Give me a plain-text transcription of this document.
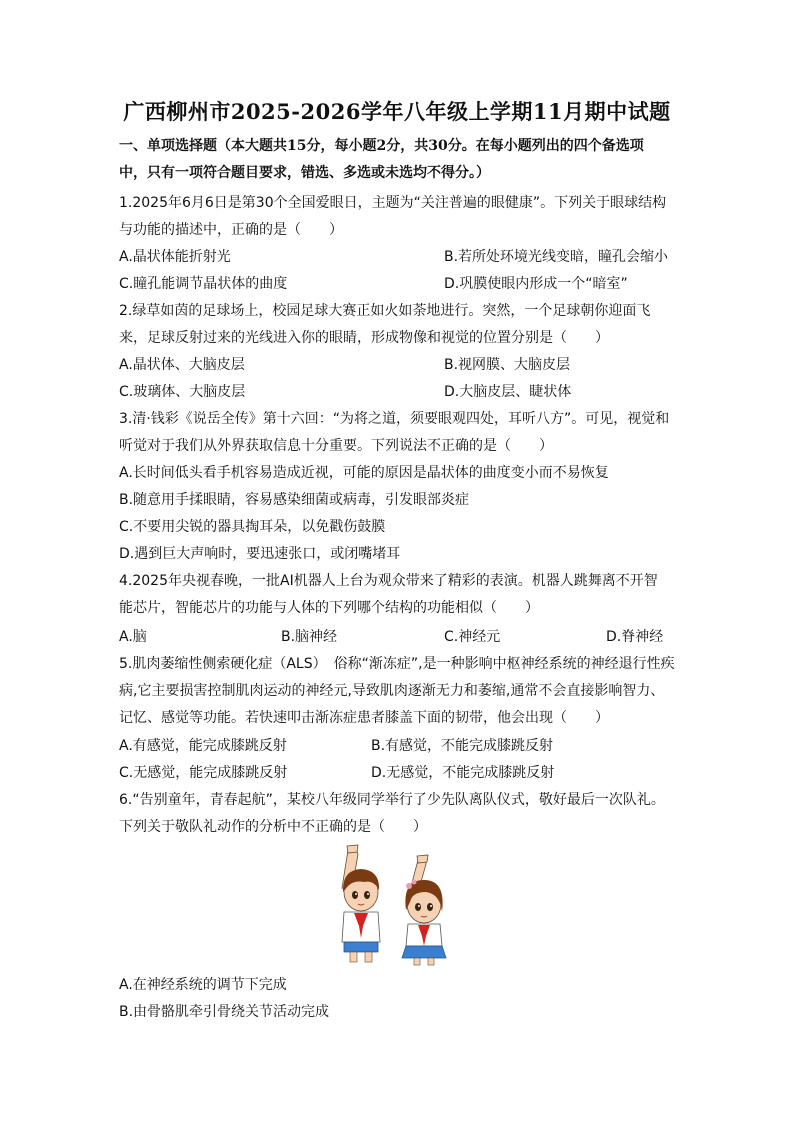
广西柳州市2025-2026学年八年级上学期11月期中试题
一、单项选择题（本大题共15分，每小题2分，共30分。在每小题列出的四个备选项
中，只有一项符合题目要求，错选、多选或未选均不得分。）
1.2025年6月6日是第30个全国爱眼日，主题为“关注普遍的眼健康”。下列关于眼球结构
与功能的描述中，正确的是（　　）
A.晶状体能折射光	B.若所处环境光线变暗，瞳孔会缩小
C.瞳孔能调节晶状体的曲度	D.巩膜使眼内形成一个“暗室”
2.绿草如茵的足球场上，校园足球大赛正如火如荼地进行。突然，一个足球朝你迎面飞
来，足球反射过来的光线进入你的眼睛，形成物像和视觉的位置分别是（　　）
A.晶状体、大脑皮层	B.视网膜、大脑皮层
C.玻璃体、大脑皮层	D.大脑皮层、睫状体
3.清·钱彩《说岳全传》第十六回：“为将之道，须要眼观四处，耳听八方”。可见，视觉和
听觉对于我们从外界获取信息十分重要。下列说法不正确的是（　　）
A.长时间低头看手机容易造成近视，可能的原因是晶状体的曲度变小而不易恢复
B.随意用手揉眼睛，容易感染细菌或病毒，引发眼部炎症
C.不要用尖锐的器具掏耳朵，以免戳伤鼓膜
D.遇到巨大声响时，要迅速张口，或闭嘴堵耳
4.2025年央视春晚，一批AI机器人上台为观众带来了精彩的表演。机器人跳舞离不开智
能芯片，智能芯片的功能与人体的下列哪个结构的功能相似（　　）
A.脑	B.脑神经	C.神经元	D.脊神经
5.肌肉萎缩性侧索硬化症（ALS）　俗称“渐冻症”,是一种影响中枢神经系统的神经退行性疾
病,它主要损害控制肌肉运动的神经元,导致肌肉逐渐无力和萎缩,通常不会直接影响智力、
记忆、感觉等功能。若快速叩击渐冻症患者膝盖下面的韧带，他会出现（　　）
A.有感觉，能完成膝跳反射	B.有感觉，不能完成膝跳反射
C.无感觉，能完成膝跳反射	D.无感觉，不能完成膝跳反射
6.“告别童年，青春起航”，某校八年级同学举行了少先队离队仪式，敬好最后一次队礼。
下列关于敬队礼动作的分析中不正确的是（　　）
A.在神经系统的调节下完成
B.由骨骼肌牵引骨绕关节活动完成
